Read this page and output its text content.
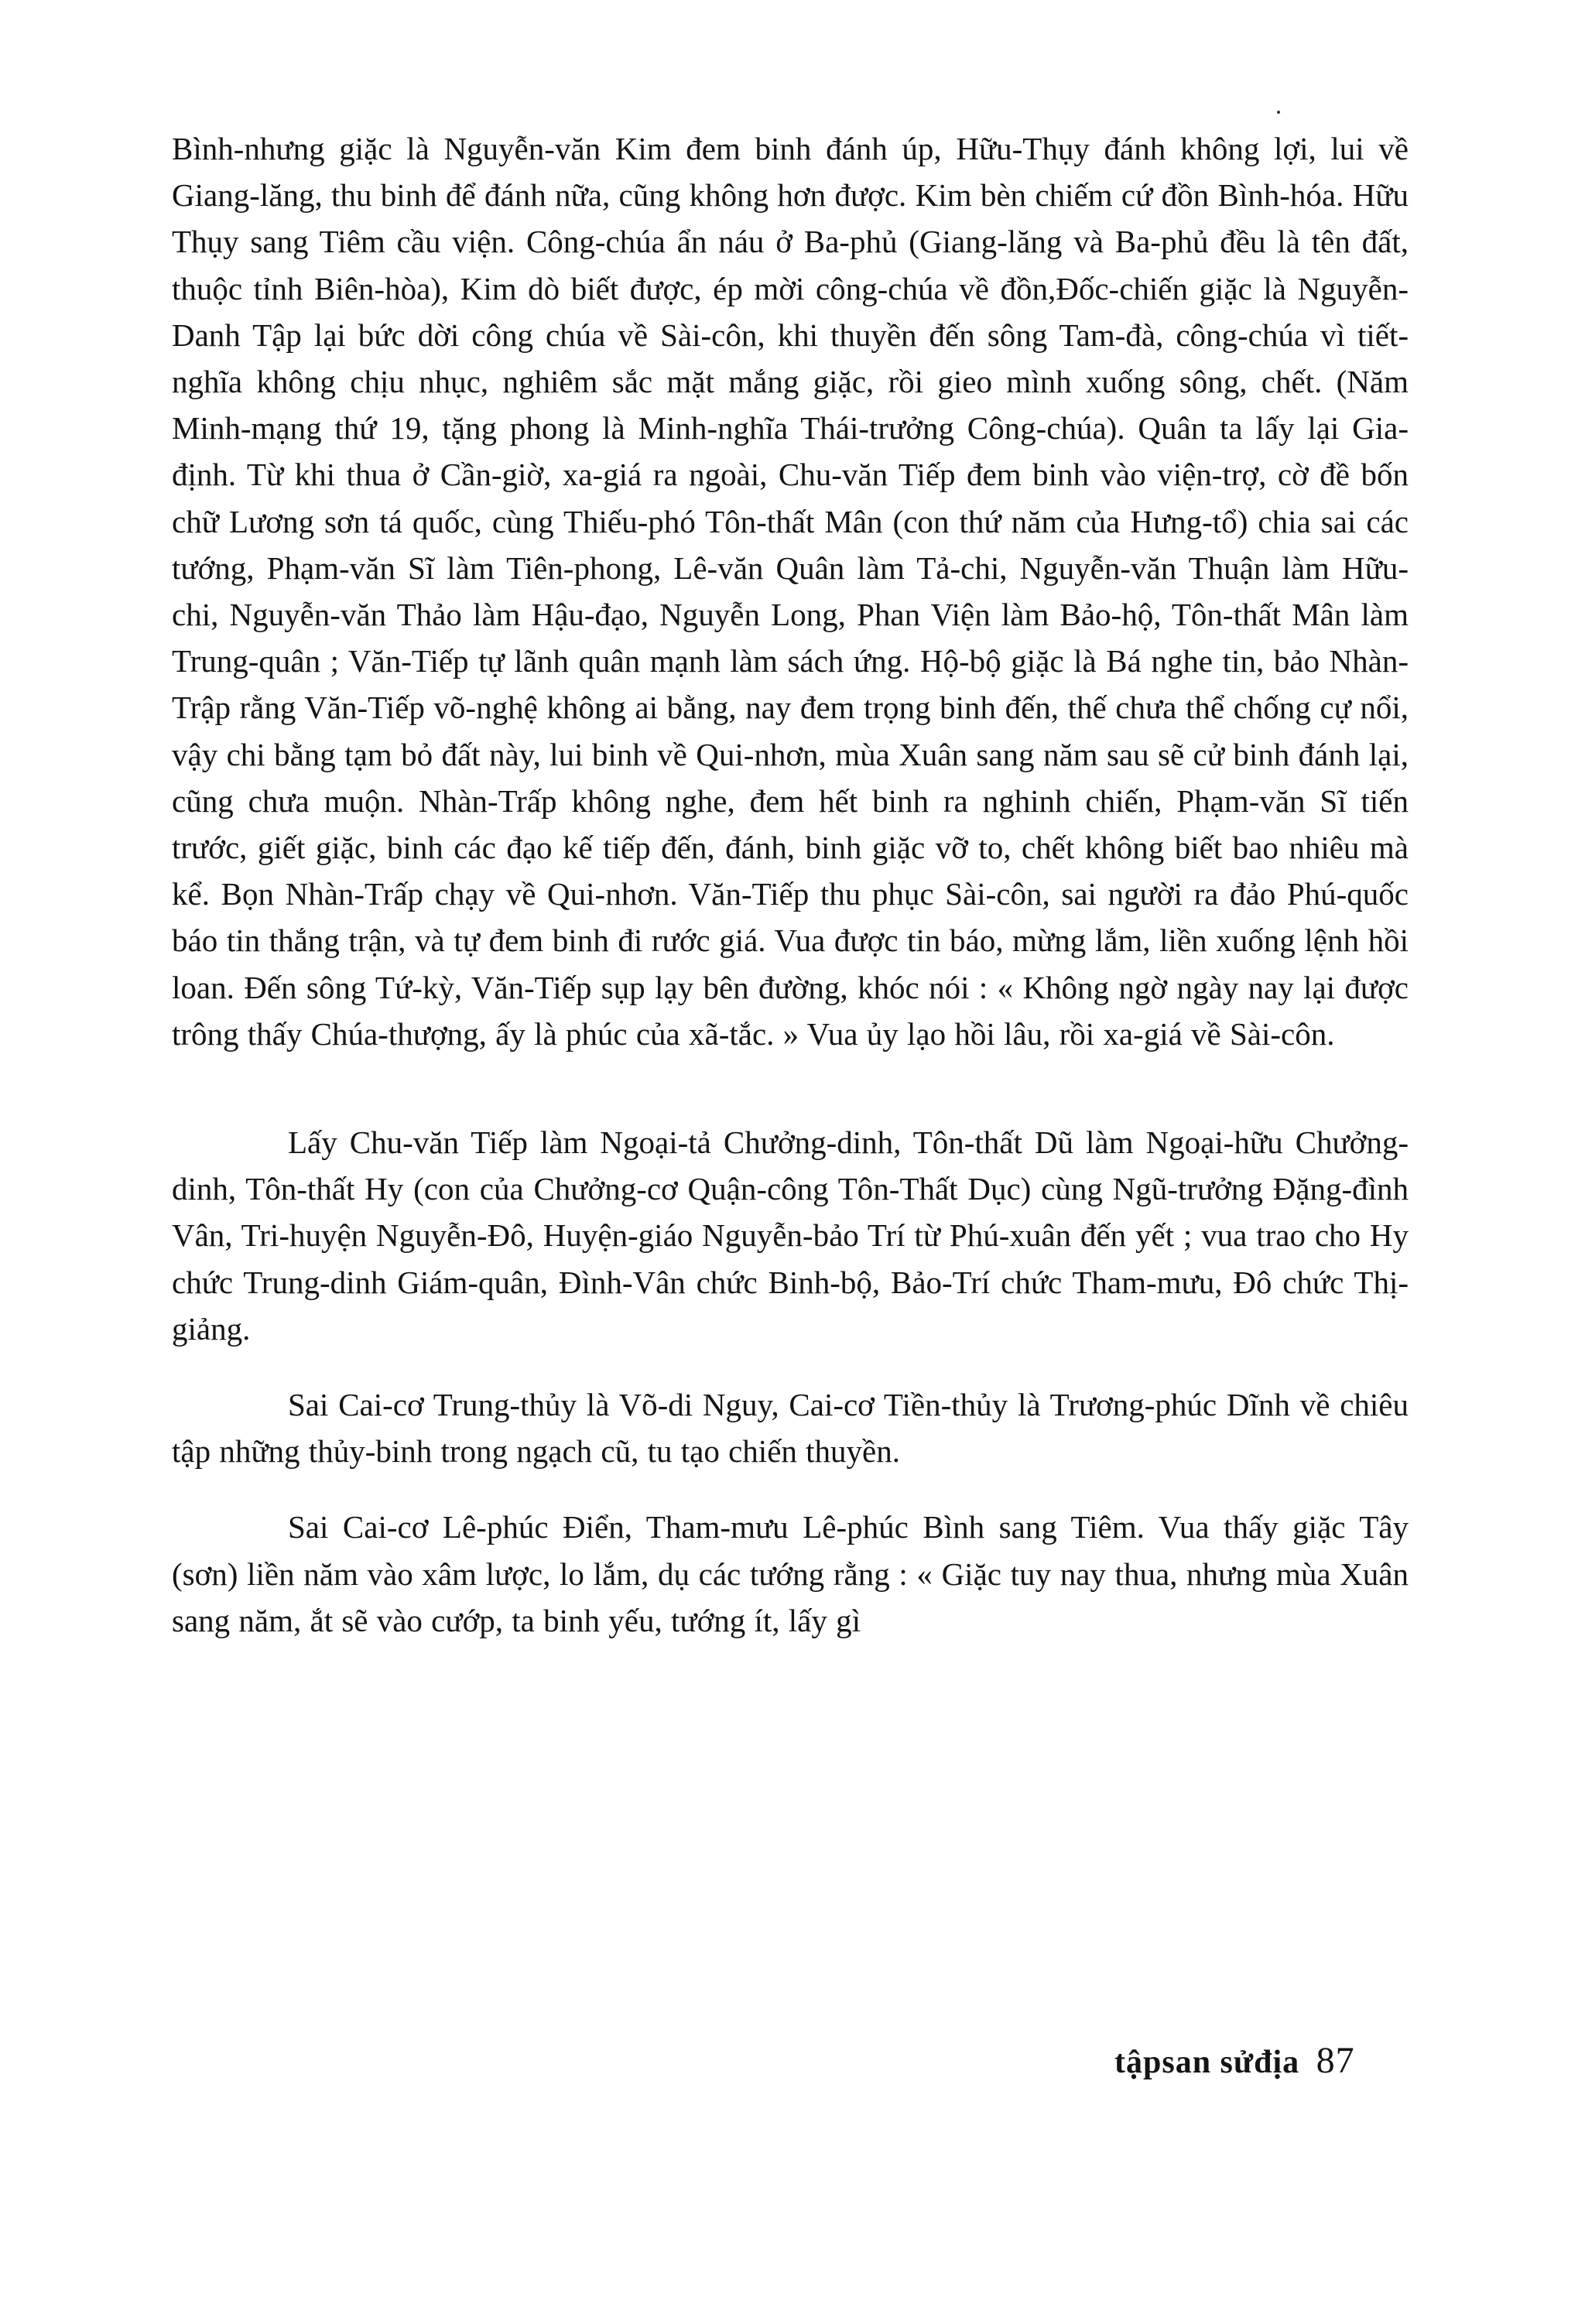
Bình-nhưng giặc là Nguyễn-văn Kim đem binh đánh úp, Hữu-Thụy đánh không lợi, lui về Giang-lăng, thu binh để đánh nữa, cũng không hơn được. Kim bèn chiếm cứ đồn Bình-hóa. Hữu Thụy sang Tiêm cầu viện. Công-chúa ẩn náu ở Ba-phủ (Giang-lăng và Ba-phủ đều là tên đất, thuộc tỉnh Biên-hòa), Kim dò biết được, ép mời công-chúa về đồn,Đốc-chiến giặc là Nguyễn-Danh Tập lại bức dời công chúa về Sài-côn, khi thuyền đến sông Tam-đà, công-chúa vì tiết-nghĩa không chịu nhục, nghiêm sắc mặt mắng giặc, rồi gieo mình xuống sông, chết. (Năm Minh-mạng thứ 19, tặng phong là Minh-nghĩa Thái-trưởng Công-chúa). Quân ta lấy lại Gia-định. Từ khi thua ở Cần-giờ, xa-giá ra ngoài, Chu-văn Tiếp đem binh vào viện-trợ, cờ đề bốn chữ Lương sơn tá quốc, cùng Thiếu-phó Tôn-thất Mân (con thứ năm của Hưng-tổ) chia sai các tướng, Phạm-văn Sĩ làm Tiên-phong, Lê-văn Quân làm Tả-chi, Nguyễn-văn Thuận làm Hữu-chi, Nguyễn-văn Thảo làm Hậu-đạo, Nguyễn Long, Phan Viện làm Bảo-hộ, Tôn-thất Mân làm Trung-quân ; Văn-Tiếp tự lãnh quân mạnh làm sách ứng. Hộ-bộ giặc là Bá nghe tin, bảo Nhàn-Trập rằng Văn-Tiếp võ-nghệ không ai bằng, nay đem trọng binh đến, thế chưa thể chống cự nổi, vậy chi bằng tạm bỏ đất này, lui binh về Qui-nhơn, mùa Xuân sang năm sau sẽ cử binh đánh lại, cũng chưa muộn. Nhàn-Trấp không nghe, đem hết binh ra nghinh chiến, Phạm-văn Sĩ tiến trước, giết giặc, binh các đạo kế tiếp đến, đánh, binh giặc vỡ to, chết không biết bao nhiêu mà kể. Bọn Nhàn-Trấp chạy về Qui-nhơn. Văn-Tiếp thu phục Sài-côn, sai người ra đảo Phú-quốc báo tin thắng trận, và tự đem binh đi rước giá. Vua được tin báo, mừng lắm, liền xuống lệnh hồi loan. Đến sông Tứ-kỳ, Văn-Tiếp sụp lạy bên đường, khóc nói : « Không ngờ ngày nay lại được trông thấy Chúa-thượng, ấy là phúc của xã-tắc. » Vua ủy lạo hồi lâu, rồi xa-giá về Sài-côn.

Lấy Chu-văn Tiếp làm Ngoại-tả Chưởng-dinh, Tôn-thất Dũ làm Ngoại-hữu Chưởng-dinh, Tôn-thất Hy (con của Chưởng-cơ Quận-công Tôn-Thất Dục) cùng Ngũ-trưởng Đặng-đình Vân, Tri-huyện Nguyễn-Đô, Huyện-giáo Nguyễn-bảo Trí từ Phú-xuân đến yết ; vua trao cho Hy chức Trung-dinh Giám-quân, Đình-Vân chức Binh-bộ, Bảo-Trí chức Tham-mưu, Đô chức Thị-giảng.

Sai Cai-cơ Trung-thủy là Võ-di Nguy, Cai-cơ Tiền-thủy là Trương-phúc Dĩnh về chiêu tập những thủy-binh trong ngạch cũ, tu tạo chiến thuyền.

Sai Cai-cơ Lê-phúc Điển, Tham-mưu Lê-phúc Bình sang Tiêm. Vua thấy giặc Tây (sơn) liền năm vào xâm lược, lo lắm, dụ các tướng rằng : « Giặc tuy nay thua, nhưng mùa Xuân sang năm, ắt sẽ vào cướp, ta binh yếu, tướng ít, lấy gì

tậpsan sửđịa 87
